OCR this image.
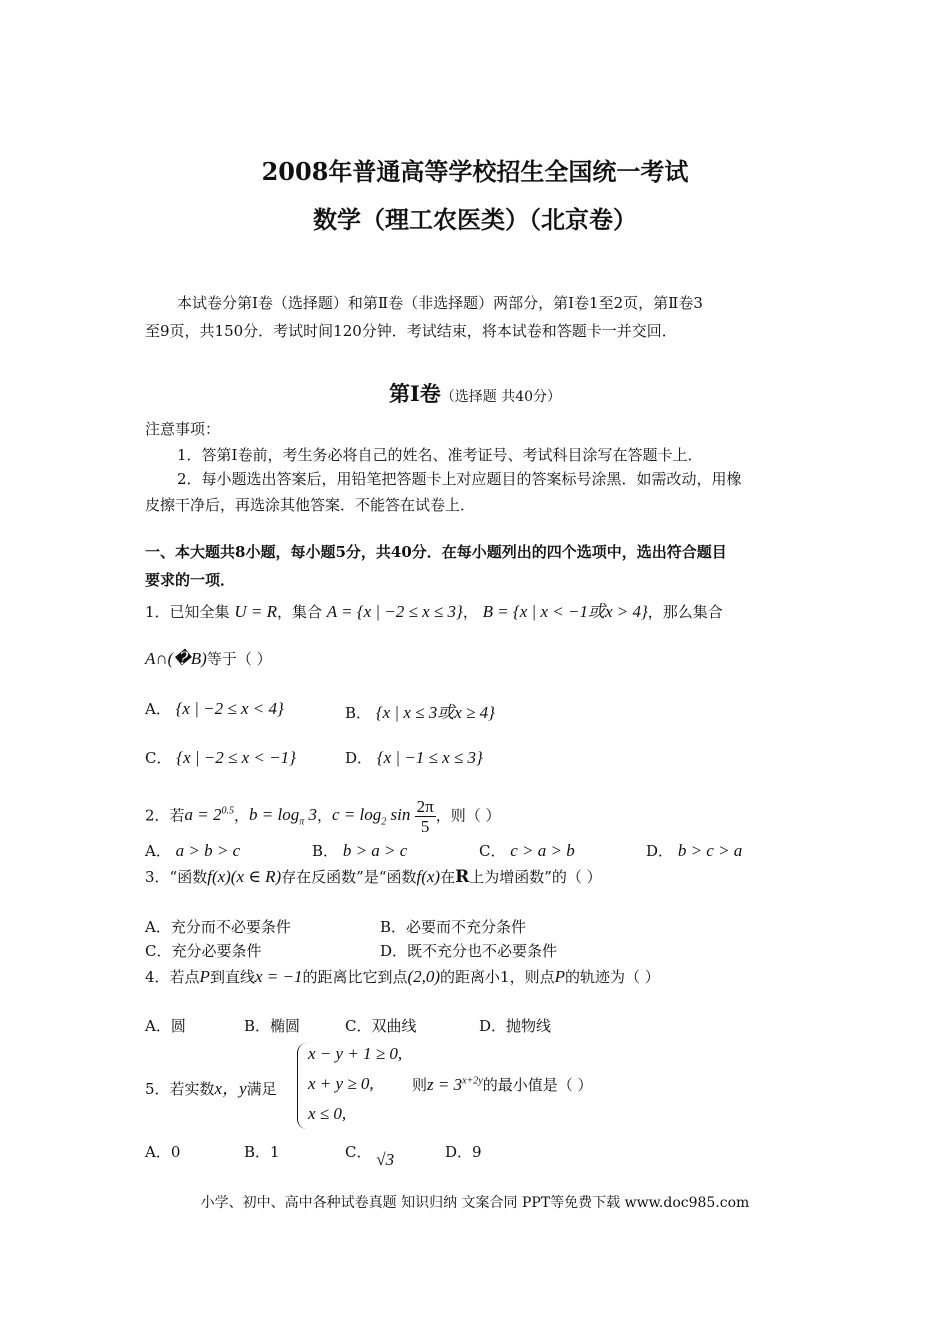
2008年普通高等学校招生全国统一考试
数学（理工农医类）（北京卷）
本试卷分第Ⅰ卷（选择题）和第Ⅱ卷（非选择题）两部分，第Ⅰ卷1至2页，第Ⅱ卷3
至9页，共150分．考试时间120分钟．考试结束，将本试卷和答题卡一并交回．
第Ⅰ卷（选择题 共40分）
注意事项：
1．答第Ⅰ卷前，考生务必将自己的姓名、准考证号、考试科目涂写在答题卡上．
2．每小题选出答案后，用铅笔把答题卡上对应题目的答案标号涂黑．如需改动，用橡
皮擦干净后，再选涂其他答案．不能答在试卷上．
一、本大题共8小题，每小题5分，共40分．在每小题列出的四个选项中，选出符合题目
要求的一项．
1．已知全集 U = R，集合 A = {x | −2 ≤ x ≤ 3}， B = {x | x < −1或x > 4}，那么集合
A∩(�B)等于（ ）
A． {x | −2 ≤ x < 4}	B． {x | x ≤ 3或x ≥ 4}
C． {x | −2 ≤ x < −1}	D． {x | −1 ≤ x ≤ 3}
2．若$a = 2^{0.5}$，$b = \log_\pi 3$，$c = \log_2 \sin \frac{2\pi}{5}$ ，则（ ）
A． a > b > c	B． b > a > c	C． c > a > b	D． b > c > a
3．“函数f(x)(x ∈ R)存在反函数”是“函数f(x)在R上为增函数”的（ ）
A．充分而不必要条件	B．必要而不充分条件
C．充分必要条件	D．既不充分也不必要条件
4．若点P到直线x = −1的距离比它到点(2,0)的距离小1，则点P的轨迹为（ ）
A．圆	B．椭圆	C．双曲线	D．抛物线
5．若实数x，y满足
x − y + 1 ≥ 0,
x + y ≥ 0,
x ≤ 0,
则$z = 3^{x+2y}$的最小值是（ ）
A．0	B．1	C． √3	D．9
小学、初中、高中各种试卷真题 知识归纳 文案合同 PPT等免费下载 www.doc985.com
